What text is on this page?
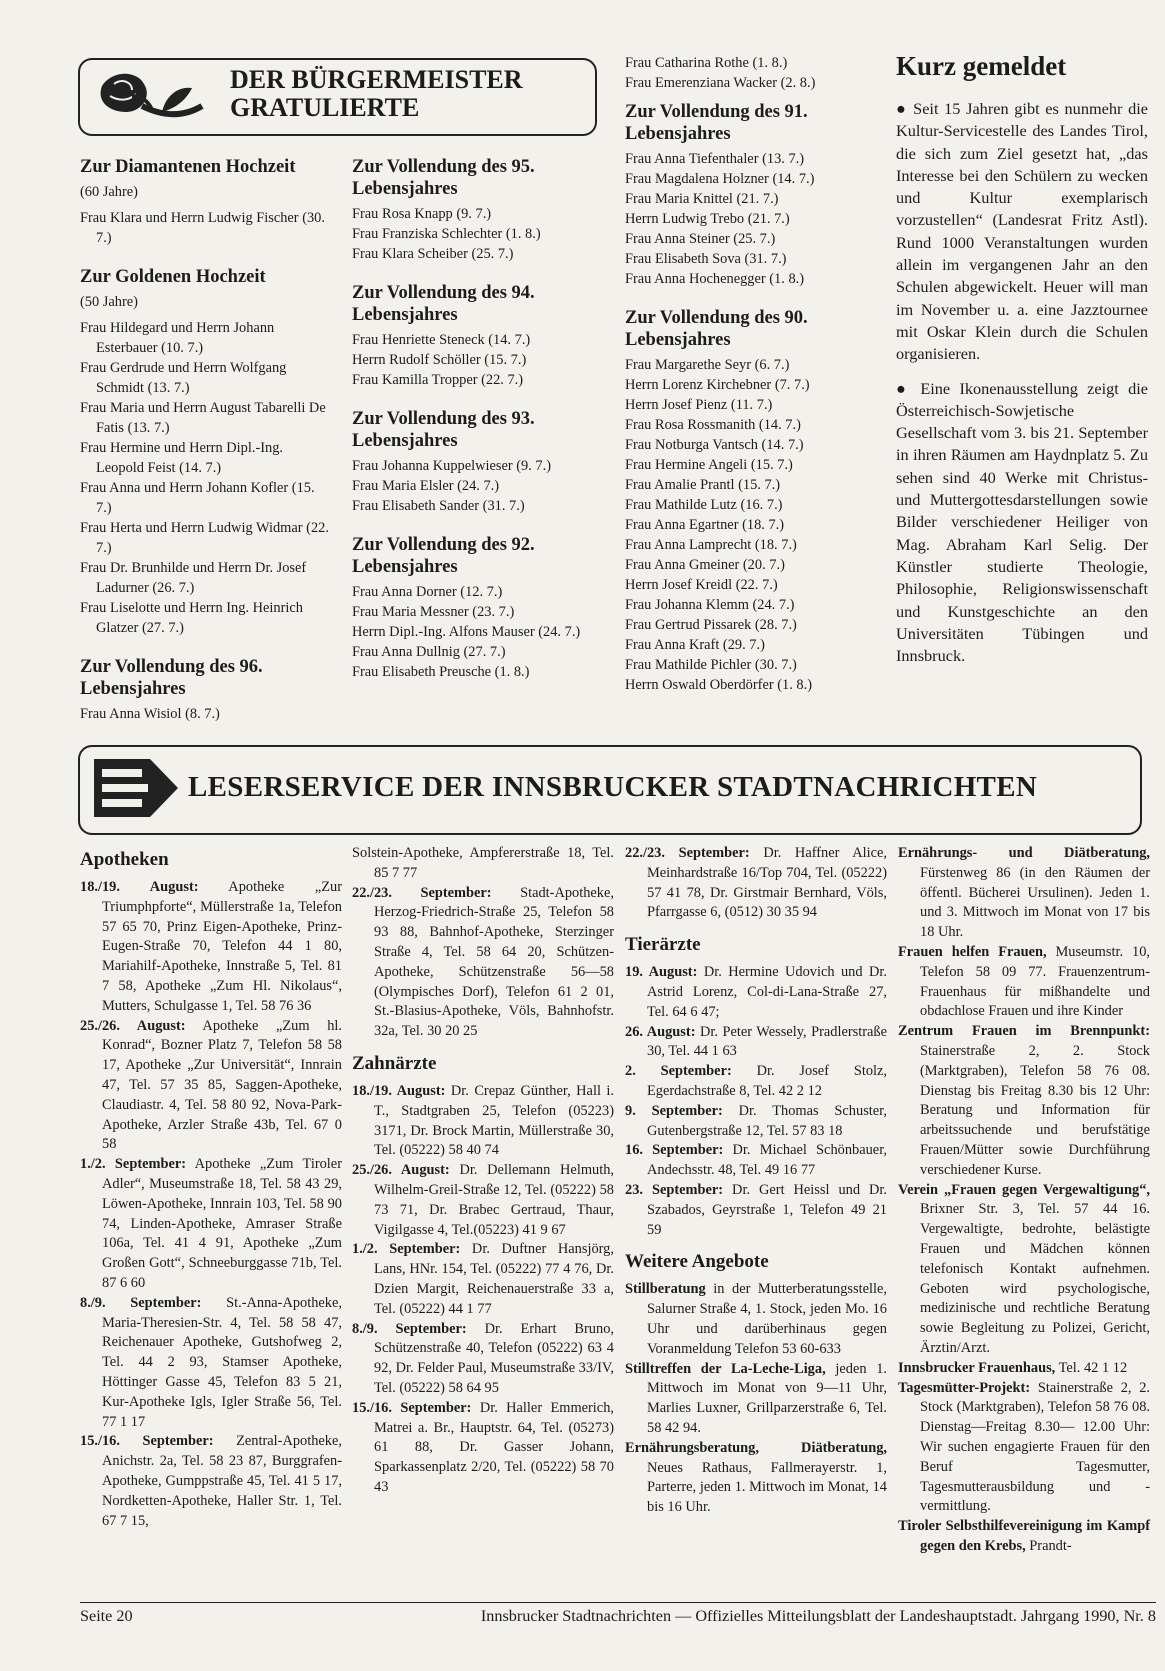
DER BÜRGERMEISTER
GRATULIERTE
Zur Diamantenen Hochzeit
(60 Jahre)
Frau Klara und Herrn Ludwig Fischer (30. 7.)
Zur Goldenen Hochzeit
(50 Jahre)
Frau Hildegard und Herrn Johann Esterbauer (10. 7.)
Frau Gerdrude und Herrn Wolfgang Schmidt (13. 7.)
Frau Maria und Herrn August Tabarelli De Fatis (13. 7.)
Frau Hermine und Herrn Dipl.-Ing. Leopold Feist (14. 7.)
Frau Anna und Herrn Johann Kofler (15. 7.)
Frau Herta und Herrn Ludwig Widmar (22. 7.)
Frau Dr. Brunhilde und Herrn Dr. Josef Ladurner (26. 7.)
Frau Liselotte und Herrn Ing. Heinrich Glatzer (27. 7.)
Zur Vollendung des 96. Lebensjahres
Frau Anna Wisiol (8. 7.)
Zur Vollendung des 95. Lebensjahres
Frau Rosa Knapp (9. 7.)
Frau Franziska Schlechter (1. 8.)
Frau Klara Scheiber (25. 7.)
Zur Vollendung des 94. Lebensjahres
Frau Henriette Steneck (14. 7.)
Herrn Rudolf Schöller (15. 7.)
Frau Kamilla Tropper (22. 7.)
Zur Vollendung des 93. Lebensjahres
Frau Johanna Kuppelwieser (9. 7.)
Frau Maria Elsler (24. 7.)
Frau Elisabeth Sander (31. 7.)
Zur Vollendung des 92. Lebensjahres
Frau Anna Dorner (12. 7.)
Frau Maria Messner (23. 7.)
Herrn Dipl.-Ing. Alfons Mauser (24. 7.)
Frau Anna Dullnig (27. 7.)
Frau Elisabeth Preusche (1. 8.)
Frau Catharina Rothe (1. 8.)
Frau Emerenziana Wacker (2. 8.)
Zur Vollendung des 91. Lebensjahres
Frau Anna Tiefenthaler (13. 7.)
Frau Magdalena Holzner (14. 7.)
Frau Maria Knittel (21. 7.)
Herrn Ludwig Trebo (21. 7.)
Frau Anna Steiner (25. 7.)
Frau Elisabeth Sova (31. 7.)
Frau Anna Hochenegger (1. 8.)
Zur Vollendung des 90. Lebensjahres
Frau Margarethe Seyr (6. 7.)
Herrn Lorenz Kirchebner (7. 7.)
Herrn Josef Pienz (11. 7.)
Frau Rosa Rossmanith (14. 7.)
Frau Notburga Vantsch (14. 7.)
Frau Hermine Angeli (15. 7.)
Frau Amalie Prantl (15. 7.)
Frau Mathilde Lutz (16. 7.)
Frau Anna Egartner (18. 7.)
Frau Anna Lamprecht (18. 7.)
Frau Anna Gmeiner (20. 7.)
Herrn Josef Kreidl (22. 7.)
Frau Johanna Klemm (24. 7.)
Frau Gertrud Pissarek (28. 7.)
Frau Anna Kraft (29. 7.)
Frau Mathilde Pichler (30. 7.)
Herrn Oswald Oberdörfer (1. 8.)
Kurz gemeldet
● Seit 15 Jahren gibt es nunmehr die Kultur-Servicestelle des Landes Tirol, die sich zum Ziel gesetzt hat, „das Interesse bei den Schülern zu wecken und Kultur exemplarisch vorzustellen“ (Landesrat Fritz Astl). Rund 1000 Veranstaltungen wurden allein im vergangenen Jahr an den Schulen abgewickelt. Heuer will man im November u. a. eine Jazztournee mit Oskar Klein durch die Schulen organisieren.
● Eine Ikonenausstellung zeigt die Österreichisch-Sowjetische Gesellschaft vom 3. bis 21. September in ihren Räumen am Haydnplatz 5. Zu sehen sind 40 Werke mit Christus- und Muttergottesdarstellungen sowie Bilder verschiedener Heiliger von Mag. Abraham Karl Selig. Der Künstler studierte Theologie, Philosophie, Religionswissenschaft und Kunstgeschichte an den Universitäten Tübingen und Innsbruck.
LESERSERVICE DER INNSBRUCKER STADTNACHRICHTEN
Apotheken

18./19. August: Apotheke „Zur Triumphpforte“, Müllerstraße 1a, Telefon 57 65 70, Prinz Eigen-Apotheke, Prinz-Eugen-Straße 70, Telefon 44 1 80, Mariahilf-Apotheke, Innstraße 5, Tel. 81 7 58, Apotheke „Zum Hl. Nikolaus“, Mutters, Schulgasse 1, Tel. 58 76 36

25./26. August: Apotheke „Zum hl. Konrad“, Bozner Platz 7, Telefon 58 58 17, Apotheke „Zur Universität“, Innrain 47, Tel. 57 35 85, Saggen-Apotheke, Claudiastr. 4, Tel. 58 80 92, Nova-Park-Apotheke, Arzler Straße 43b, Tel. 67 0 58

1./2. September: Apotheke „Zum Tiroler Adler“, Museumstraße 18, Tel. 58 43 29, Löwen-Apotheke, Innrain 103, Tel. 58 90 74, Linden-Apotheke, Amraser Straße 106a, Tel. 41 4 91, Apotheke „Zum Großen Gott“, Schneeburggasse 71b, Tel. 87 6 60

8./9. September: St.-Anna-Apotheke, Maria-Theresien-Str. 4, Tel. 58 58 47, Reichenauer Apotheke, Gutshofweg 2, Tel. 44 2 93, Stamser Apotheke, Höttinger Gasse 45, Telefon 83 5 21, Kur-Apotheke Igls, Igler Straße 56, Tel. 77 1 17

15./16. September: Zentral-Apotheke, Anichstr. 2a, Tel. 58 23 87, Burggrafen-Apotheke, Gumppstraße 45, Tel. 41 5 17, Nordketten-Apotheke, Haller Str. 1, Tel. 67 7 15,

Solstein-Apotheke, Ampfererstraße 18, Tel. 85 7 77

22./23. September: Stadt-Apotheke, Herzog-Friedrich-Straße 25, Telefon 58 93 88, Bahnhof-Apotheke, Sterzinger Straße 4, Tel. 58 64 20, Schützen-Apotheke, Schützenstraße 56—58 (Olympisches Dorf), Telefon 61 2 01, St.-Blasius-Apotheke, Völs, Bahnhofstr. 32a, Tel. 30 20 25

Zahnärzte

18./19. August: Dr. Crepaz Günther, Hall i. T., Stadtgraben 25, Telefon (05223) 3171, Dr. Brock Martin, Müllerstraße 30, Tel. (05222) 58 40 74

25./26. August: Dr. Dellemann Helmuth, Wilhelm-Greil-Straße 12, Tel. (05222) 58 73 71, Dr. Brabec Gertraud, Thaur, Vigilgasse 4, Tel.(05223) 41 9 67

1./2. September: Dr. Duftner Hansjörg, Lans, HNr. 154, Tel. (05222) 77 4 76, Dr. Dzien Margit, Reichenauerstraße 33 a, Tel. (05222) 44 1 77

8./9. September: Dr. Erhart Bruno, Schützenstraße 40, Telefon (05222) 63 4 92, Dr. Felder Paul, Museumstraße 33/IV, Tel. (05222) 58 64 95

15./16. September: Dr. Haller Emmerich, Matrei a. Br., Hauptstr. 64, Tel. (05273) 61 88, Dr. Gasser Johann, Sparkassenplatz 2/20, Tel. (05222) 58 70 43

22./23. September: Dr. Haffner Alice, Meinhardstraße 16/Top 704, Tel. (05222) 57 41 78, Dr. Girstmair Bernhard, Völs, Pfarrgasse 6, (0512) 30 35 94

Tierärzte

19. August: Dr. Hermine Udovich und Dr. Astrid Lorenz, Col-di-Lana-Straße 27, Tel. 64 6 47;

26. August: Dr. Peter Wessely, Pradlerstraße 30, Tel. 44 1 63

2. September: Dr. Josef Stolz, Egerdachstraße 8, Tel. 42 2 12

9. September: Dr. Thomas Schuster, Gutenbergstraße 12, Tel. 57 83 18

16. September: Dr. Michael Schönbauer, Andechsstr. 48, Tel. 49 16 77

23. September: Dr. Gert Heissl und Dr. Szabados, Geyrstraße 1, Telefon 49 21 59

Weitere Angebote

Stillberatung in der Mutterberatungsstelle, Salurner Straße 4, 1. Stock, jeden Mo. 16 Uhr und darüberhinaus gegen Voranmeldung Telefon 53 60-633

Stilltreffen der La-Leche-Liga, jeden 1. Mittwoch im Monat von 9—11 Uhr, Marlies Luxner, Grillparzerstraße 6, Tel. 58 42 94.

Ernährungsberatung, Diätberatung, Neues Rathaus, Fallmerayerstr. 1, Parterre, jeden 1. Mittwoch im Monat, 14 bis 16 Uhr.

Ernährungs- und Diätberatung, Fürstenweg 86 (in den Räumen der öffentl. Bücherei Ursulinen). Jeden 1. und 3. Mittwoch im Monat von 17 bis 18 Uhr.

Frauen helfen Frauen, Museumstr. 10, Telefon 58 09 77. Frauenzentrum-Frauenhaus für mißhandelte und obdachlose Frauen und ihre Kinder

Zentrum Frauen im Brennpunkt: Stainerstraße 2, 2. Stock (Marktgraben), Telefon 58 76 08. Dienstag bis Freitag 8.30 bis 12 Uhr: Beratung und Information für arbeitssuchende und berufstätige Frauen/Mütter sowie Durchführung verschiedener Kurse.

Verein „Frauen gegen Vergewaltigung“, Brixner Str. 3, Tel. 57 44 16. Vergewaltigte, bedrohte, belästigte Frauen und Mädchen können telefonisch Kontakt aufnehmen. Geboten wird psychologische, medizinische und rechtliche Beratung sowie Begleitung zu Polizei, Gericht, Ärztin/Arzt.

Innsbrucker Frauenhaus, Tel. 42 1 12

Tagesmütter-Projekt: Stainerstraße 2, 2. Stock (Marktgraben), Telefon 58 76 08. Dienstag—Freitag 8.30— 12.00 Uhr: Wir suchen engagierte Frauen für den Beruf Tagesmutter, Tagesmutterausbildung und -vermittlung.

Tiroler Selbsthilfevereinigung im Kampf gegen den Krebs, Prandt-

Seite 20	Innsbrucker Stadtnachrichten — Offizielles Mitteilungsblatt der Landeshauptstadt. Jahrgang 1990, Nr. 8
